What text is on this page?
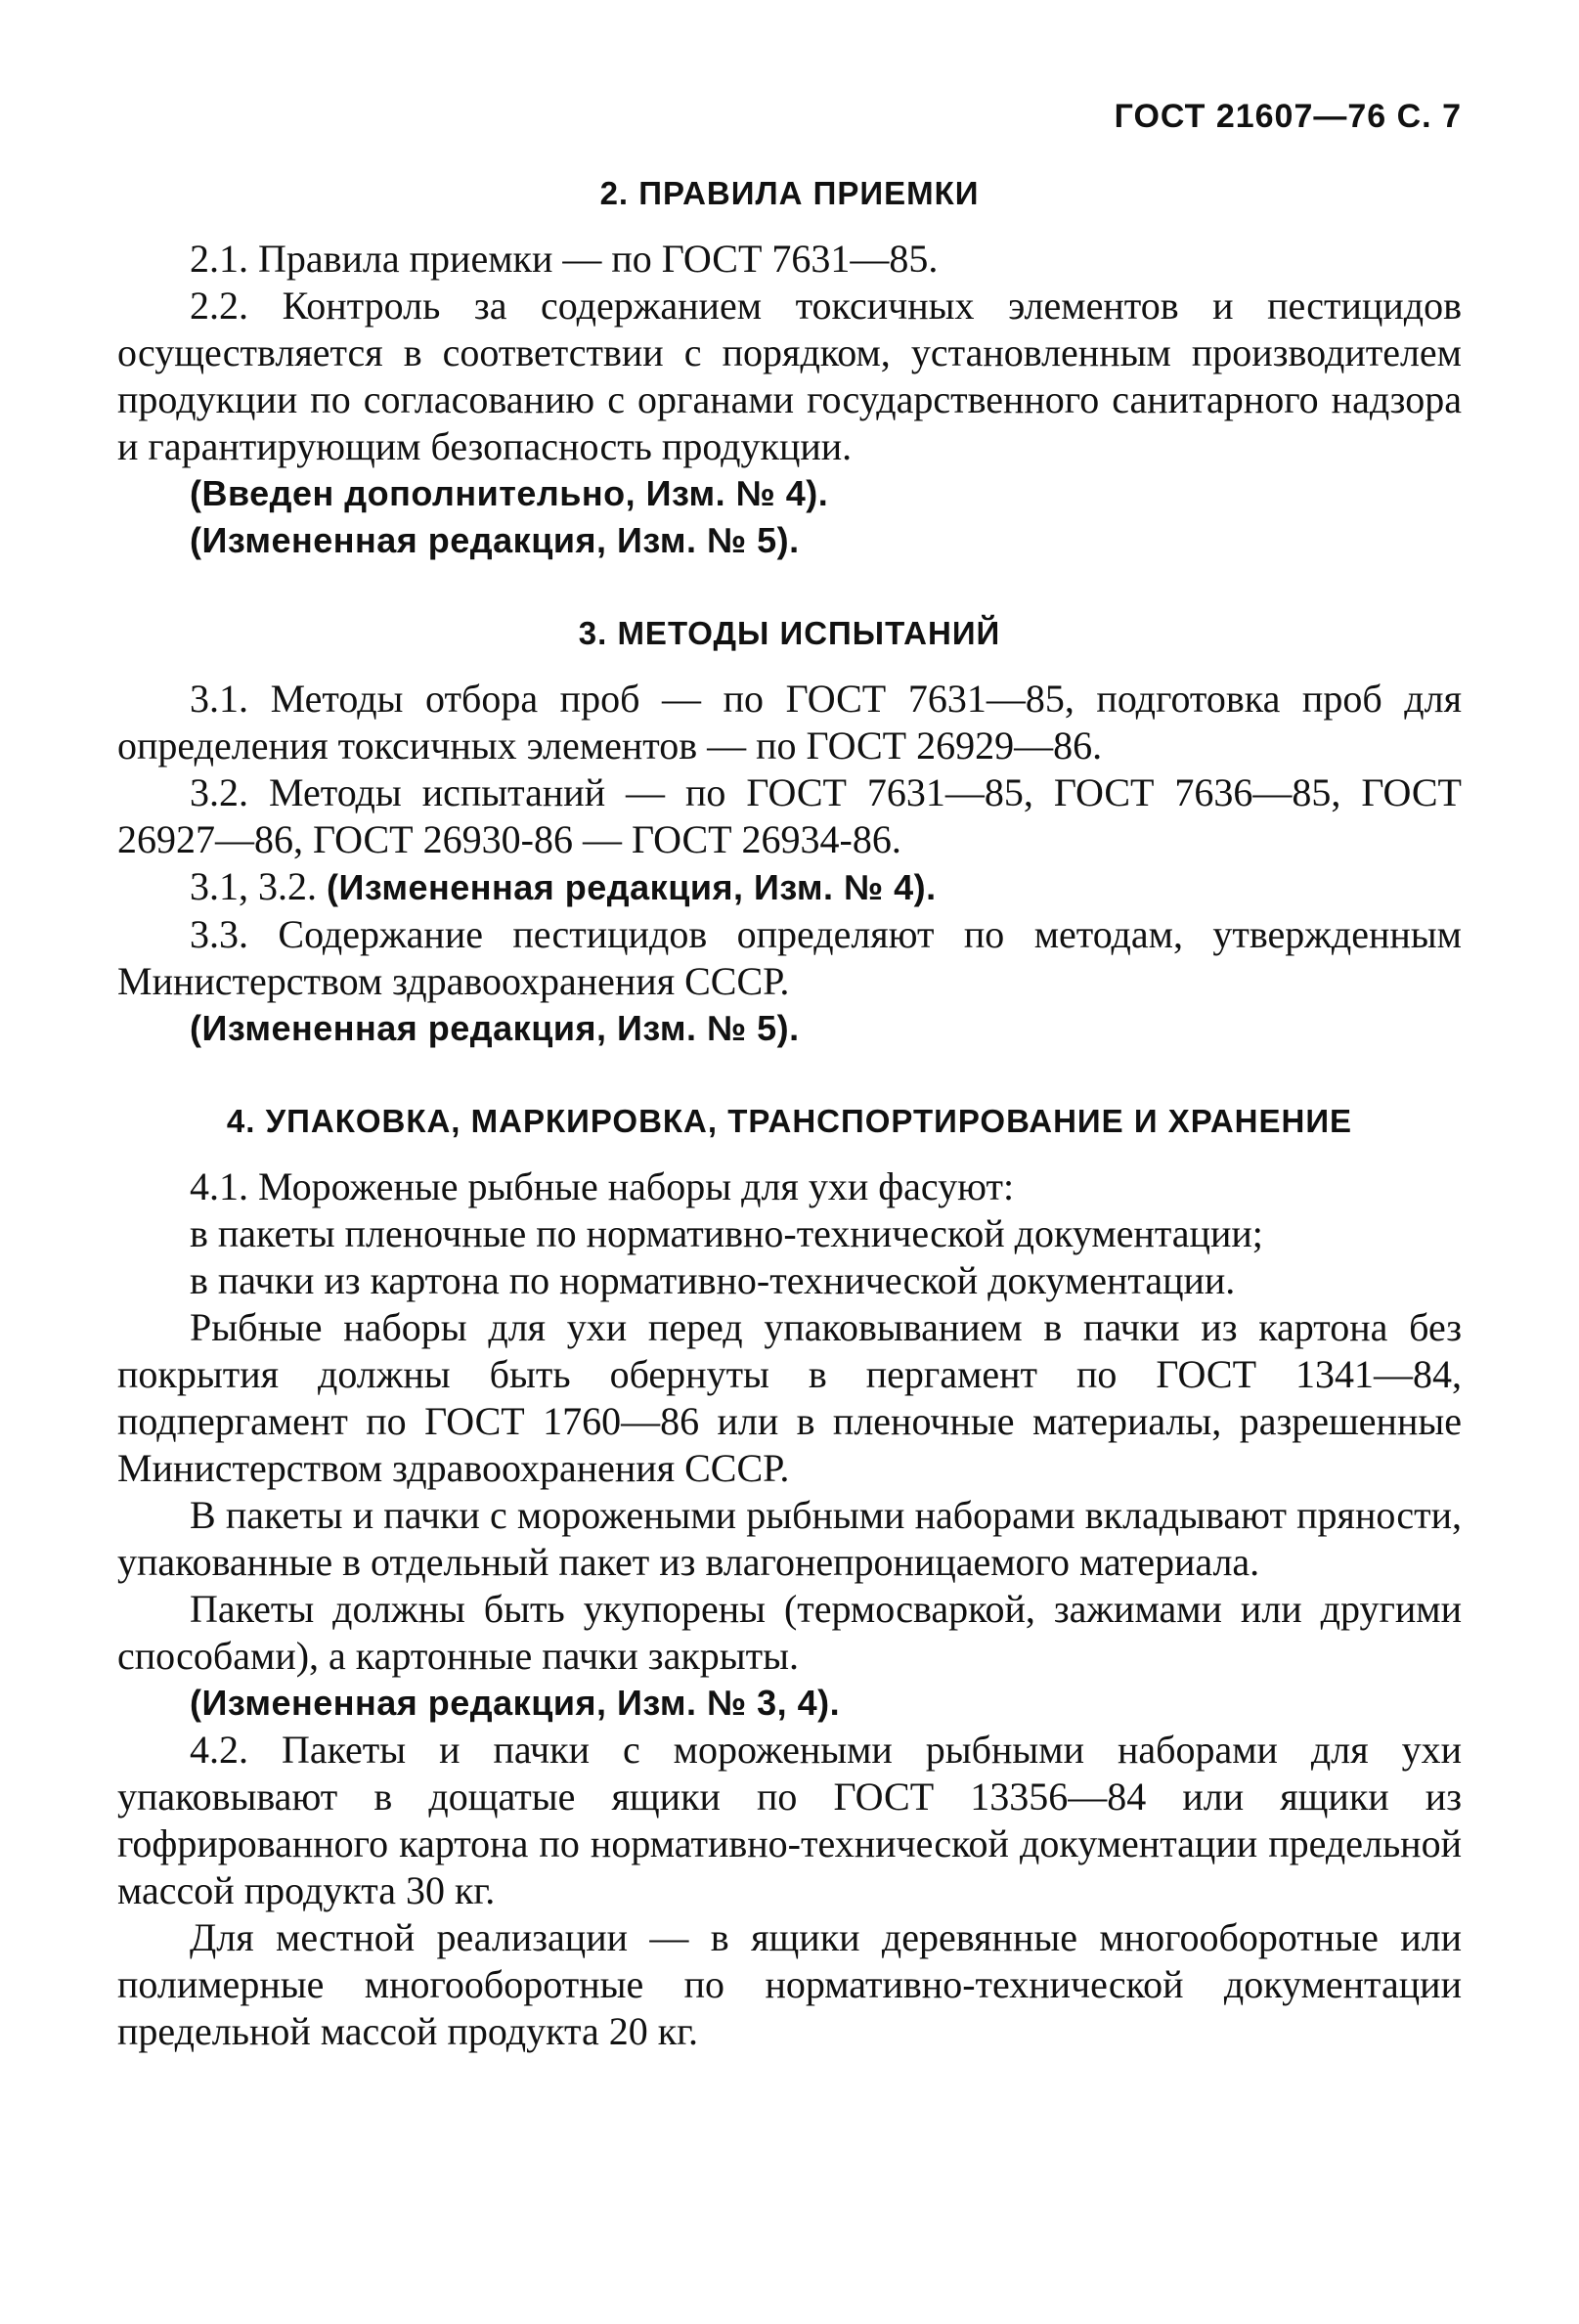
ГОСТ 21607—76 С. 7
2. ПРАВИЛА ПРИЕМКИ

2.1. Правила приемки — по ГОСТ 7631—85.

2.2. Контроль за содержанием токсичных элементов и пестицидов осуществляется в соответствии с порядком, установленным производителем продукции по согласованию с органами государственного санитарного надзора и гарантирующим безопасность продукции.

(Введен дополнительно, Изм. № 4).

(Измененная редакция, Изм. № 5).

3. МЕТОДЫ ИСПЫТАНИЙ

3.1. Методы отбора проб — по ГОСТ 7631—85, подготовка проб для определения токсичных элементов — по ГОСТ 26929—86.

3.2. Методы испытаний — по ГОСТ 7631—85, ГОСТ 7636—85, ГОСТ 26927—86, ГОСТ 26930-86 — ГОСТ 26934-86.

3.1, 3.2. (Измененная редакция, Изм. № 4).

3.3. Содержание пестицидов определяют по методам, утвержденным Министерством здравоохранения СССР.

(Измененная редакция, Изм. № 5).

4. УПАКОВКА, МАРКИРОВКА, ТРАНСПОРТИРОВАНИЕ И ХРАНЕНИЕ

4.1. Мороженые рыбные наборы для ухи фасуют:

в пакеты пленочные по нормативно-технической документации;

в пачки из картона по нормативно-технической документации.

Рыбные наборы для ухи перед упаковыванием в пачки из картона без покрытия должны быть обернуты в пергамент по ГОСТ 1341—84, подпергамент по ГОСТ 1760—86 или в пленочные материалы, разрешенные Министерством здравоохранения СССР.

В пакеты и пачки с морожеными рыбными наборами вкладывают пряности, упакованные в отдельный пакет из влагонепроницаемого материала.

Пакеты должны быть укупорены (термосваркой, зажимами или другими способами), а картонные пачки закрыты.

(Измененная редакция, Изм. № 3, 4).

4.2. Пакеты и пачки с морожеными рыбными наборами для ухи упаковывают в дощатые ящики по ГОСТ 13356—84 или ящики из гофрированного картона по нормативно-технической документации предельной массой продукта 30 кг.

Для местной реализации — в ящики деревянные многооборотные или полимерные многооборотные по нормативно-технической документации предельной массой продукта 20 кг.
